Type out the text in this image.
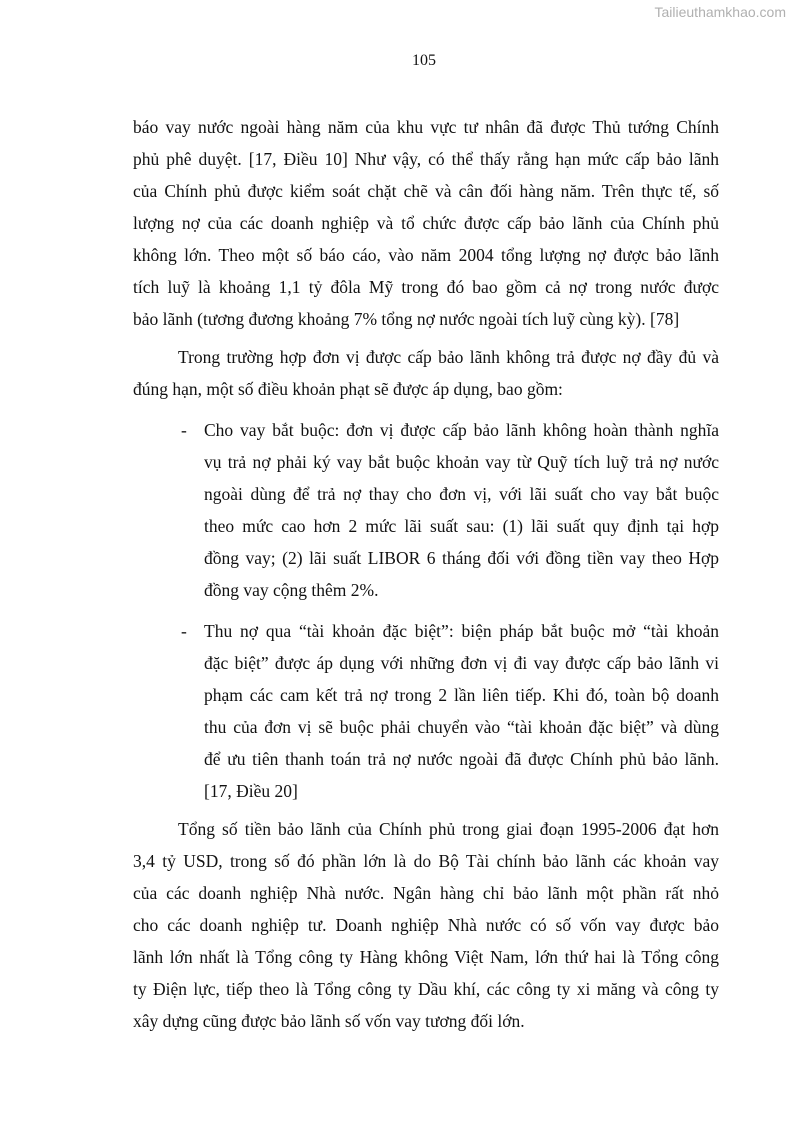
Tailieuthamkhao.com
105
báo vay nước ngoài hàng năm của khu vực tư nhân đã được Thủ tướng Chính
phủ phê duyệt. [17, Điều 10] Như vậy, có thể thấy rằng hạn mức cấp bảo lãnh
của Chính phủ được kiểm soát chặt chẽ và cân đối hàng năm. Trên thực tế, số
lượng nợ của các doanh nghiệp và tổ chức được cấp bảo lãnh của Chính phủ
không lớn. Theo một số báo cáo, vào năm 2004 tổng lượng nợ được bảo lãnh
tích luỹ là khoảng 1,1 tỷ đôla Mỹ trong đó bao gồm cả nợ trong nước được
bảo lãnh (tương đương khoảng 7% tổng nợ nước ngoài tích luỹ cùng kỳ). [78]
Trong trường hợp đơn vị được cấp bảo lãnh không trả được nợ đầy đủ và
đúng hạn, một số điều khoản phạt sẽ được áp dụng, bao gồm:
- Cho vay bắt buộc: đơn vị được cấp bảo lãnh không hoàn thành nghĩa
vụ trả nợ phải ký vay bắt buộc khoản vay từ Quỹ tích luỹ trả nợ nước
ngoài dùng để trả nợ thay cho đơn vị, với lãi suất cho vay bắt buộc
theo mức cao hơn 2 mức lãi suất sau: (1) lãi suất quy định tại hợp
đồng vay; (2) lãi suất LIBOR 6 tháng đối với đồng tiền vay theo Hợp
đồng vay cộng thêm 2%.
- Thu nợ qua “tài khoản đặc biệt”: biện pháp bắt buộc mở “tài khoản
đặc biệt” được áp dụng với những đơn vị đi vay được cấp bảo lãnh vi
phạm các cam kết trả nợ trong 2 lần liên tiếp. Khi đó, toàn bộ doanh
thu của đơn vị sẽ buộc phải chuyển vào “tài khoản đặc biệt” và dùng
để ưu tiên thanh toán trả nợ nước ngoài đã được Chính phủ bảo lãnh.
[17, Điều 20]
Tổng số tiền bảo lãnh của Chính phủ trong giai đoạn 1995-2006 đạt hơn
3,4 tỷ USD, trong số đó phần lớn là do Bộ Tài chính bảo lãnh các khoản vay
của các doanh nghiệp Nhà nước. Ngân hàng chỉ bảo lãnh một phần rất nhỏ
cho các doanh nghiệp tư. Doanh nghiệp Nhà nước có số vốn vay được bảo
lãnh lớn nhất là Tổng công ty Hàng không Việt Nam, lớn thứ hai là Tổng công
ty Điện lực, tiếp theo là Tổng công ty Dầu khí, các công ty xi măng và công ty
xây dựng cũng được bảo lãnh số vốn vay tương đối lớn.
